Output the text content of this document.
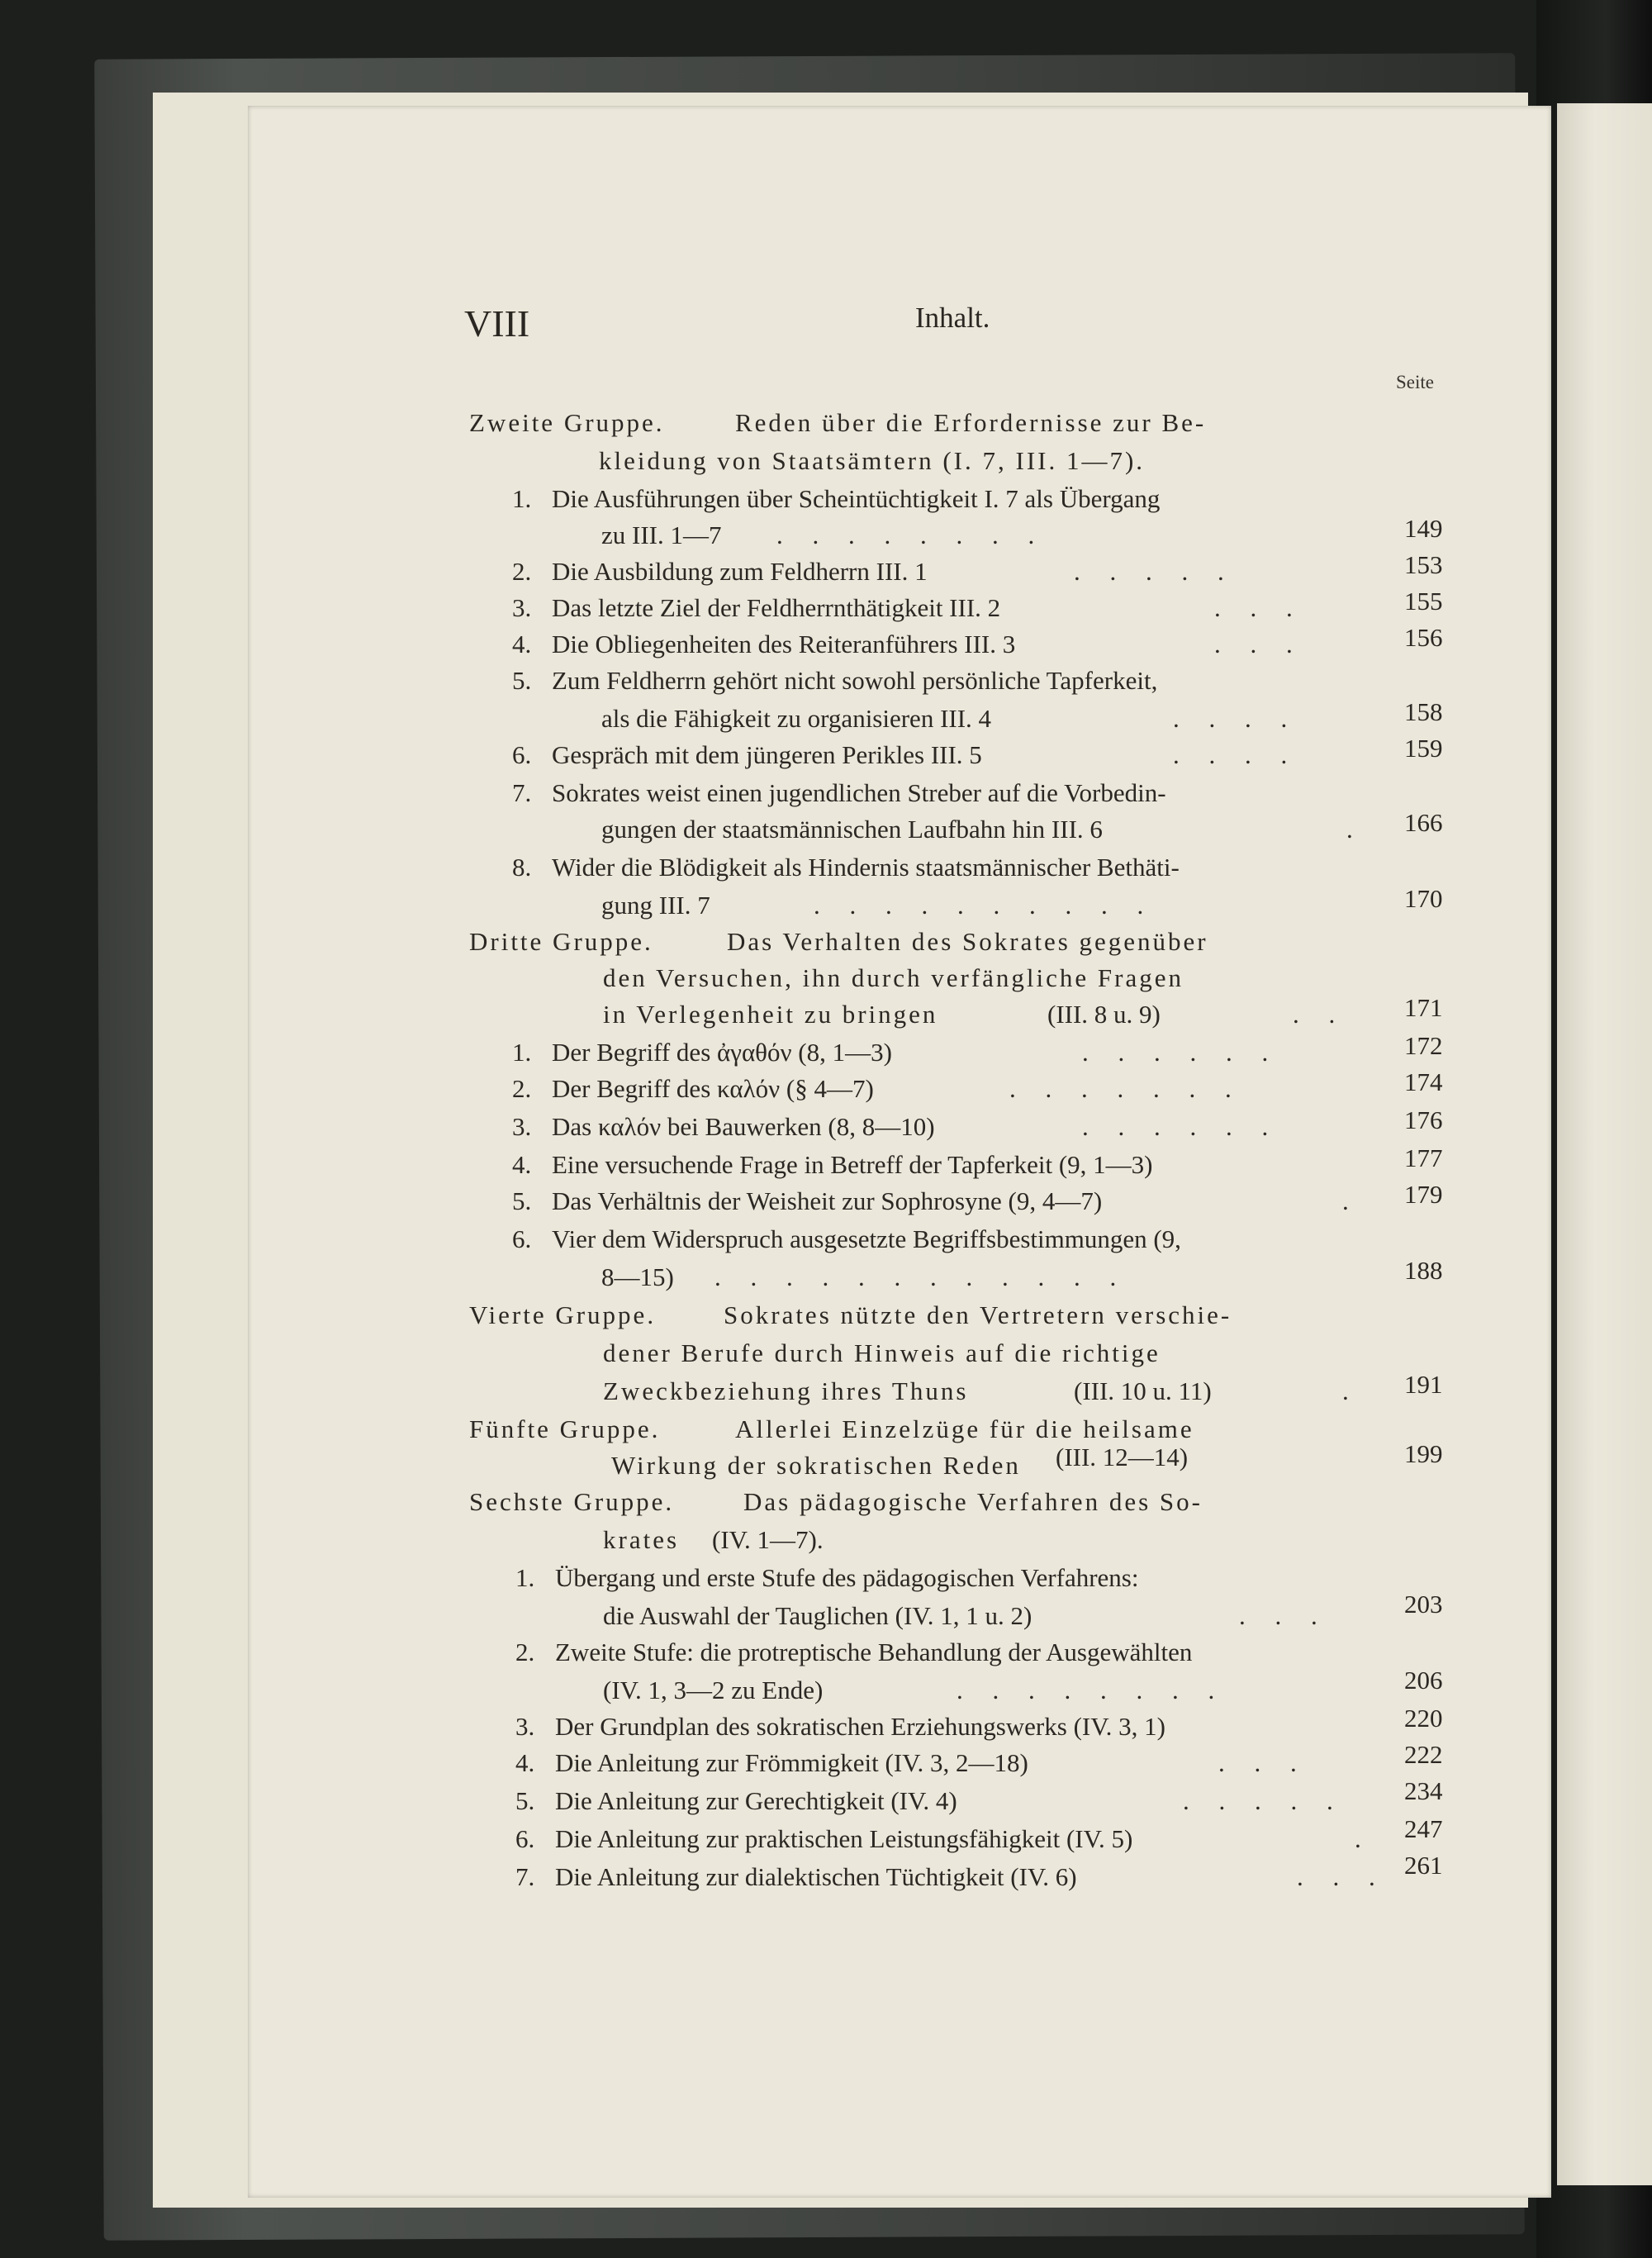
VIII	Inhalt.
Seite
Zweite Gruppe.	Reden über die Erfordernisse zur Be-
kleidung von Staatsämtern (I. 7, III. 1—7).
1. Die Ausführungen über Scheintüchtigkeit I. 7 als Übergang
zu III. 1—7 . . . . . . . .	149
2. Die Ausbildung zum Feldherrn III. 1	. . . . .	153
3. Das letzte Ziel der Feldherrnthätigkeit III. 2	. . .	155
4. Die Obliegenheiten des Reiteranführers III. 3	. . .	156
5. Zum Feldherrn gehört nicht sowohl persönliche Tapferkeit,
als die Fähigkeit zu organisieren III. 4	. . . .	158
6. Gespräch mit dem jüngeren Perikles III. 5	. . . .	159
7. Sokrates weist einen jugendlichen Streber auf die Vorbedin-
gungen der staatsmännischen Laufbahn hin III. 6	. 166
8. Wider die Blödigkeit als Hindernis staatsmännischer Bethäti-
gung III. 7	. . . . . . . . . .	170
Dritte Gruppe.	Das Verhalten des Sokrates gegenüber
den Versuchen, ihn durch verfängliche Fragen
in Verlegenheit zu bringen	(III. 8 u. 9)	. . 171
1. Der Begriff des ἀγαθόν (8, 1—3)	. . . . . .	172
2. Der Begriff des καλόν (§ 4—7)	. . . . . . .	174
3. Das καλόν bei Bauwerken (8, 8—10)	. . . . . .	176
4. Eine versuchende Frage in Betreff der Tapferkeit (9, 1—3)	177
5. Das Verhältnis der Weisheit zur Sophrosyne (9, 4—7)	. 179
6. Vier dem Widerspruch ausgesetzte Begriffsbestimmungen (9,
8—15) . . . . . . . . . . . .	188
Vierte Gruppe.	Sokrates nützte den Vertretern verschie-
dener Berufe durch Hinweis auf die richtige
Zweckbeziehung ihres Thuns	(III. 10 u. 11)	. 191
Fünfte Gruppe.	Allerlei Einzelzüge für die heilsame
Wirkung der sokratischen Reden (III. 12—14)	199
Sechste Gruppe.	Das pädagogische Verfahren des So-
krates (IV. 1—7).
1. Übergang und erste Stufe des pädagogischen Verfahrens:
die Auswahl der Tauglichen (IV. 1, 1 u. 2)	. . .	203
2. Zweite Stufe: die protreptische Behandlung der Ausgewählten
(IV. 1, 3—2 zu Ende)	. . . . . . . .	206
3. Der Grundplan des sokratischen Erziehungswerks (IV. 3, 1)	220
4. Die Anleitung zur Frömmigkeit (IV. 3, 2—18)	. . .	222
5. Die Anleitung zur Gerechtigkeit (IV. 4)	. . . . . 234
6. Die Anleitung zur praktischen Leistungsfähigkeit (IV. 5)	. 247
7. Die Anleitung zur dialektischen Tüchtigkeit (IV. 6)	. . . 261
